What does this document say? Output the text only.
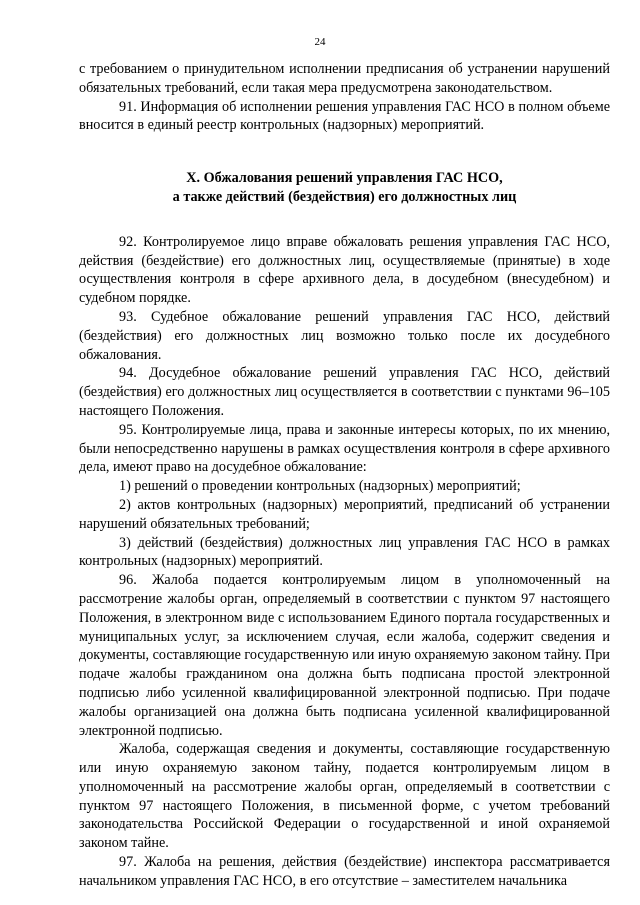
24

с требованием о принудительном исполнении предписания об устранении нарушений обязательных требований, если такая мера предусмотрена законодательством.

91. Информация об исполнении решения управления ГАС НСО в полном объеме вносится в единый реестр контрольных (надзорных) мероприятий.

X. Обжалования решений управления ГАС НСО,
а также действий (бездействия) его должностных лиц

92. Контролируемое лицо вправе обжаловать решения управления ГАС НСО, действия (бездействие) его должностных лиц, осуществляемые (принятые) в ходе осуществления контроля в сфере архивного дела, в досудебном (внесудебном) и судебном порядке.

93. Судебное обжалование решений управления ГАС НСО, действий (бездействия) его должностных лиц возможно только после их досудебного обжалования.

94. Досудебное обжалование решений управления ГАС НСО, действий (бездействия) его должностных лиц осуществляется в соответствии с пунктами 96–105 настоящего Положения.

95. Контролируемые лица, права и законные интересы которых, по их мнению, были непосредственно нарушены в рамках осуществления контроля в сфере архивного дела, имеют право на досудебное обжалование:

1) решений о проведении контрольных (надзорных) мероприятий;

2) актов контрольных (надзорных) мероприятий, предписаний об устранении нарушений обязательных требований;

3) действий (бездействия) должностных лиц управления ГАС НСО в рамках контрольных (надзорных) мероприятий.

96. Жалоба подается контролируемым лицом в уполномоченный на рассмотрение жалобы орган, определяемый в соответствии с пунктом 97 настоящего Положения, в электронном виде с использованием Единого портала государственных и муниципальных услуг, за исключением случая, если жалоба, содержит сведения и документы, составляющие государственную или иную охраняемую законом тайну. При подаче жалобы гражданином она должна быть подписана простой электронной подписью либо усиленной квалифицированной электронной подписью. При подаче жалобы организацией она должна быть подписана усиленной квалифицированной электронной подписью.

Жалоба, содержащая сведения и документы, составляющие государственную или иную охраняемую законом тайну, подается контролируемым лицом в уполномоченный на рассмотрение жалобы орган, определяемый в соответствии с пунктом 97 настоящего Положения, в письменной форме, с учетом требований законодательства Российской Федерации о государственной и иной охраняемой законом тайне.

97. Жалоба на решения, действия (бездействие) инспектора рассматривается начальником управления ГАС НСО, в его отсутствие – заместителем начальника
